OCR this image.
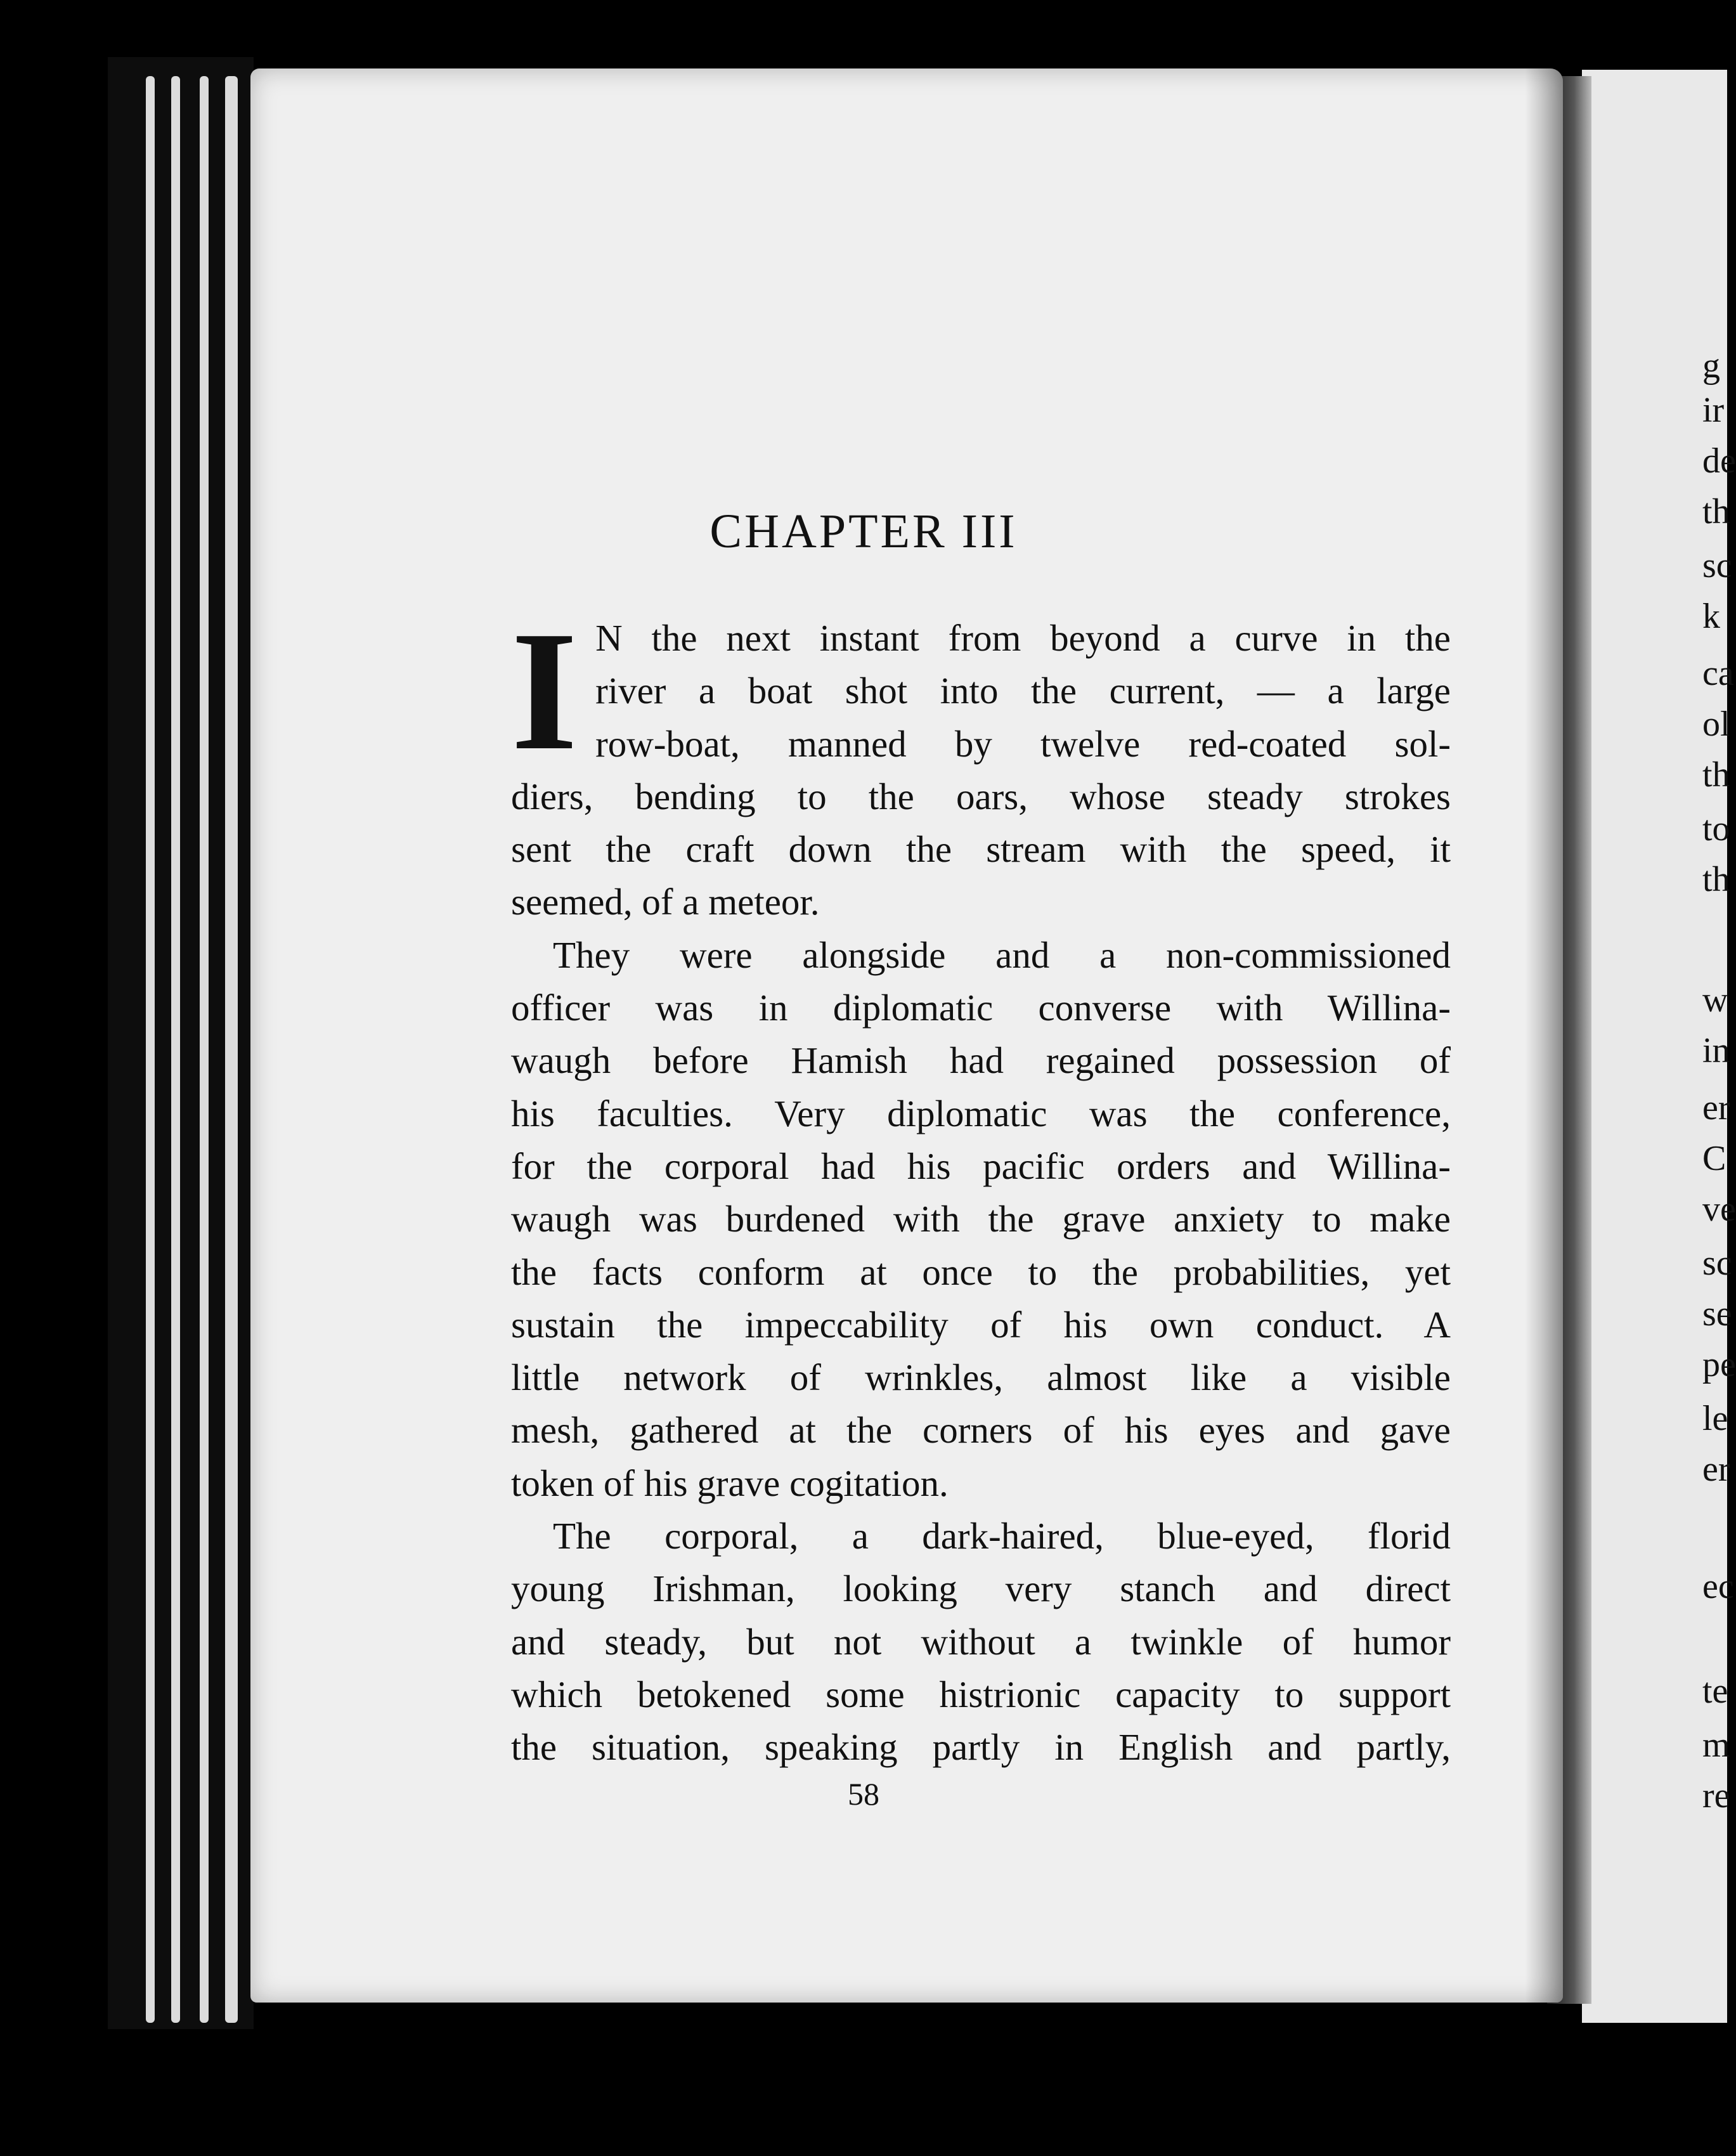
CHAPTER III
I N the next instant from beyond a curve in the
river a boat shot into the current, — a large
row-boat, manned by twelve red-coated sol-
diers, bending to the oars, whose steady strokes
sent the craft down the stream with the speed, it
seemed, of a meteor.
They were alongside and a non-commissioned
officer was in diplomatic converse with Willina-
waugh before Hamish had regained possession of
his faculties. Very diplomatic was the conference,
for the corporal had his pacific orders and Willina-
waugh was burdened with the grave anxiety to make
the facts conform at once to the probabilities, yet
sustain the impeccability of his own conduct. A
little network of wrinkles, almost like a visible
mesh, gathered at the corners of his eyes and gave
token of his grave cogitation.
The corporal, a dark-haired, blue-eyed, florid
young Irishman, looking very stanch and direct
and steady, but not without a twinkle of humor
which betokened some histrionic capacity to support
the situation, speaking partly in English and partly,
58
g
ir
de
th
sc
k
ca
ol
th
to
th
w
in
er
C
ve
sc
se
pe
le
er
ec
te
m
re
